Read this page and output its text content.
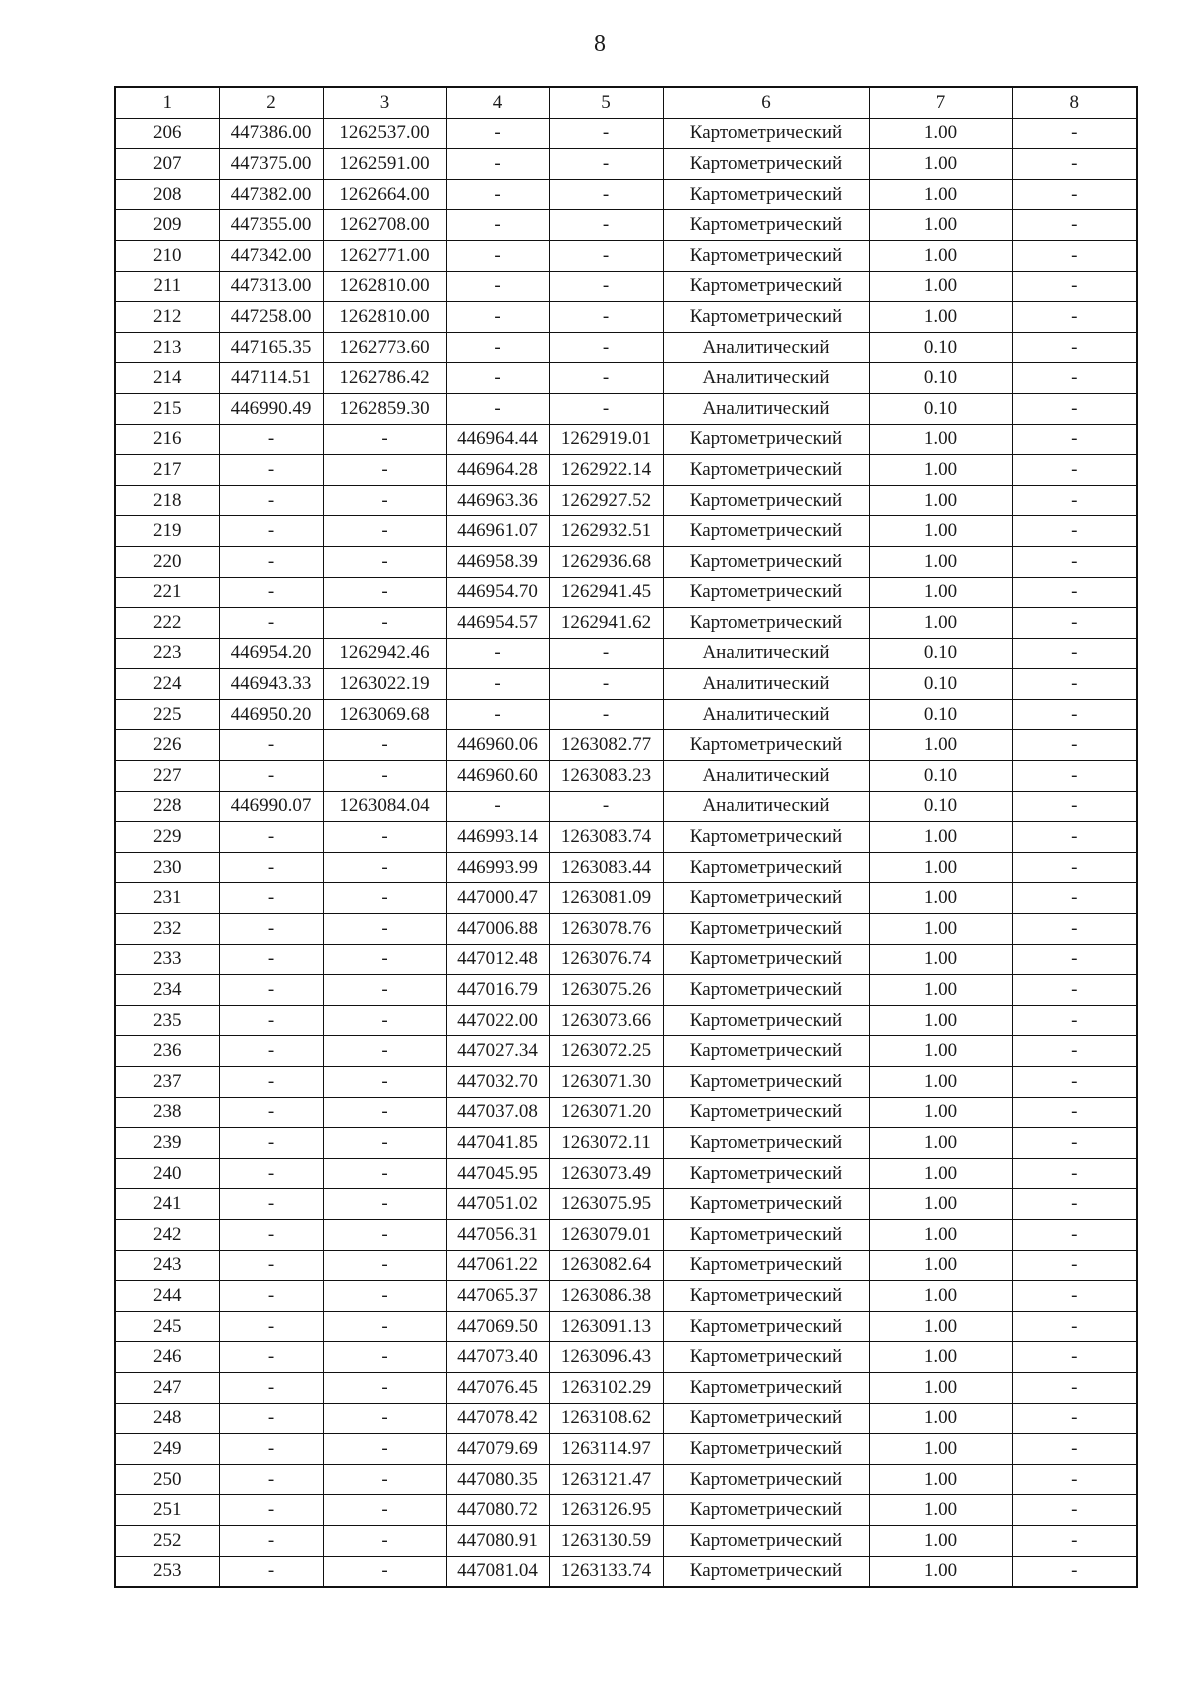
8
1	2	3	4	5	6	7	8
206	447386.00	1262537.00	-	-	Картометрический	1.00	-
207	447375.00	1262591.00	-	-	Картометрический	1.00	-
208	447382.00	1262664.00	-	-	Картометрический	1.00	-
209	447355.00	1262708.00	-	-	Картометрический	1.00	-
210	447342.00	1262771.00	-	-	Картометрический	1.00	-
211	447313.00	1262810.00	-	-	Картометрический	1.00	-
212	447258.00	1262810.00	-	-	Картометрический	1.00	-
213	447165.35	1262773.60	-	-	Аналитический	0.10	-
214	447114.51	1262786.42	-	-	Аналитический	0.10	-
215	446990.49	1262859.30	-	-	Аналитический	0.10	-
216	-	-	446964.44	1262919.01	Картометрический	1.00	-
217	-	-	446964.28	1262922.14	Картометрический	1.00	-
218	-	-	446963.36	1262927.52	Картометрический	1.00	-
219	-	-	446961.07	1262932.51	Картометрический	1.00	-
220	-	-	446958.39	1262936.68	Картометрический	1.00	-
221	-	-	446954.70	1262941.45	Картометрический	1.00	-
222	-	-	446954.57	1262941.62	Картометрический	1.00	-
223	446954.20	1262942.46	-	-	Аналитический	0.10	-
224	446943.33	1263022.19	-	-	Аналитический	0.10	-
225	446950.20	1263069.68	-	-	Аналитический	0.10	-
226	-	-	446960.06	1263082.77	Картометрический	1.00	-
227	-	-	446960.60	1263083.23	Аналитический	0.10	-
228	446990.07	1263084.04	-	-	Аналитический	0.10	-
229	-	-	446993.14	1263083.74	Картометрический	1.00	-
230	-	-	446993.99	1263083.44	Картометрический	1.00	-
231	-	-	447000.47	1263081.09	Картометрический	1.00	-
232	-	-	447006.88	1263078.76	Картометрический	1.00	-
233	-	-	447012.48	1263076.74	Картометрический	1.00	-
234	-	-	447016.79	1263075.26	Картометрический	1.00	-
235	-	-	447022.00	1263073.66	Картометрический	1.00	-
236	-	-	447027.34	1263072.25	Картометрический	1.00	-
237	-	-	447032.70	1263071.30	Картометрический	1.00	-
238	-	-	447037.08	1263071.20	Картометрический	1.00	-
239	-	-	447041.85	1263072.11	Картометрический	1.00	-
240	-	-	447045.95	1263073.49	Картометрический	1.00	-
241	-	-	447051.02	1263075.95	Картометрический	1.00	-
242	-	-	447056.31	1263079.01	Картометрический	1.00	-
243	-	-	447061.22	1263082.64	Картометрический	1.00	-
244	-	-	447065.37	1263086.38	Картометрический	1.00	-
245	-	-	447069.50	1263091.13	Картометрический	1.00	-
246	-	-	447073.40	1263096.43	Картометрический	1.00	-
247	-	-	447076.45	1263102.29	Картометрический	1.00	-
248	-	-	447078.42	1263108.62	Картометрический	1.00	-
249	-	-	447079.69	1263114.97	Картометрический	1.00	-
250	-	-	447080.35	1263121.47	Картометрический	1.00	-
251	-	-	447080.72	1263126.95	Картометрический	1.00	-
252	-	-	447080.91	1263130.59	Картометрический	1.00	-
253	-	-	447081.04	1263133.74	Картометрический	1.00	-
